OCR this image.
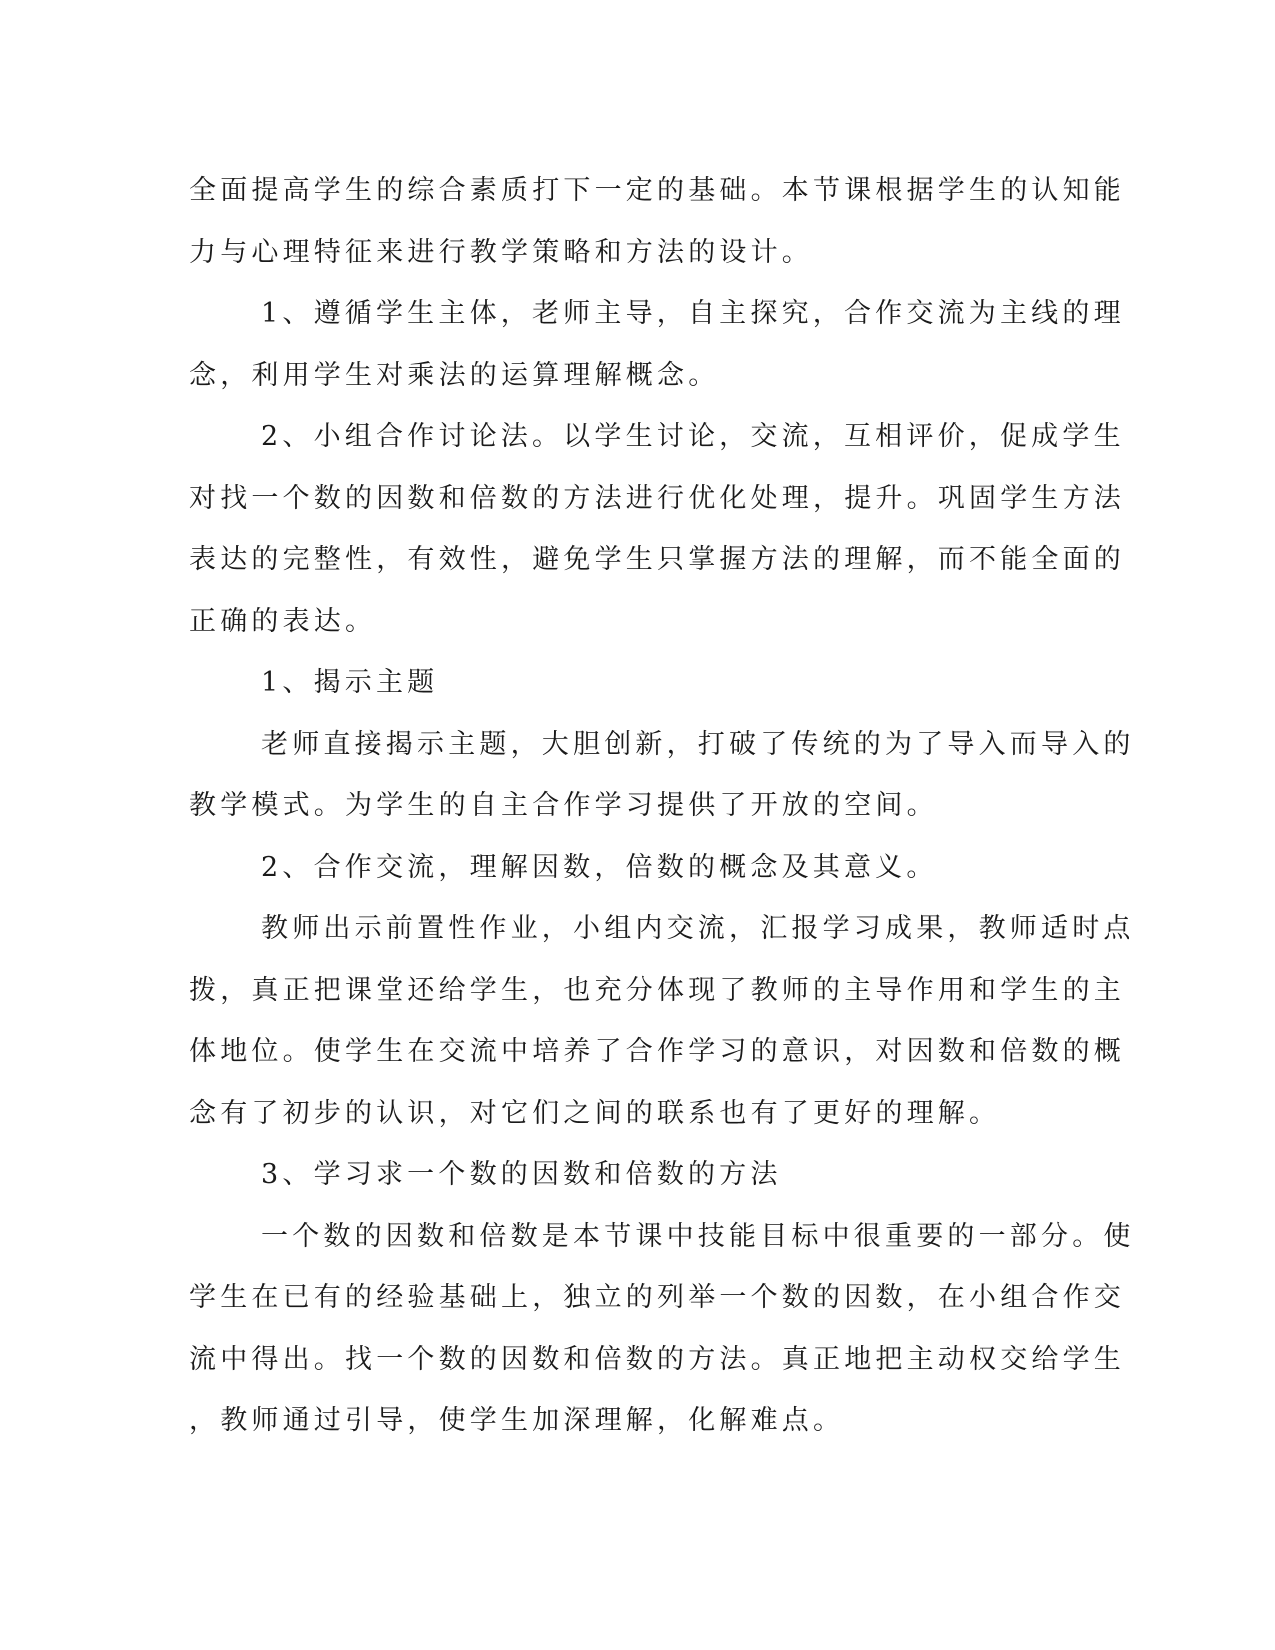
全面提高学生的综合素质打下一定的基础。本节课根据学生的认知能
力与心理特征来进行教学策略和方法的设计。

1、遵循学生主体，老师主导，自主探究，合作交流为主线的理
念，利用学生对乘法的运算理解概念。

2、小组合作讨论法。以学生讨论，交流，互相评价，促成学生
对找一个数的因数和倍数的方法进行优化处理，提升。巩固学生方法
表达的完整性，有效性，避免学生只掌握方法的理解，而不能全面的
正确的表达。

1、揭示主题

老师直接揭示主题，大胆创新，打破了传统的为了导入而导入的
教学模式。为学生的自主合作学习提供了开放的空间。

2、合作交流，理解因数，倍数的概念及其意义。

教师出示前置性作业，小组内交流，汇报学习成果，教师适时点
拨，真正把课堂还给学生，也充分体现了教师的主导作用和学生的主
体地位。使学生在交流中培养了合作学习的意识，对因数和倍数的概
念有了初步的认识，对它们之间的联系也有了更好的理解。

3、学习求一个数的因数和倍数的方法

一个数的因数和倍数是本节课中技能目标中很重要的一部分。使
学生在已有的经验基础上，独立的列举一个数的因数，在小组合作交
流中得出。找一个数的因数和倍数的方法。真正地把主动权交给学生
，教师通过引导，使学生加深理解，化解难点。
